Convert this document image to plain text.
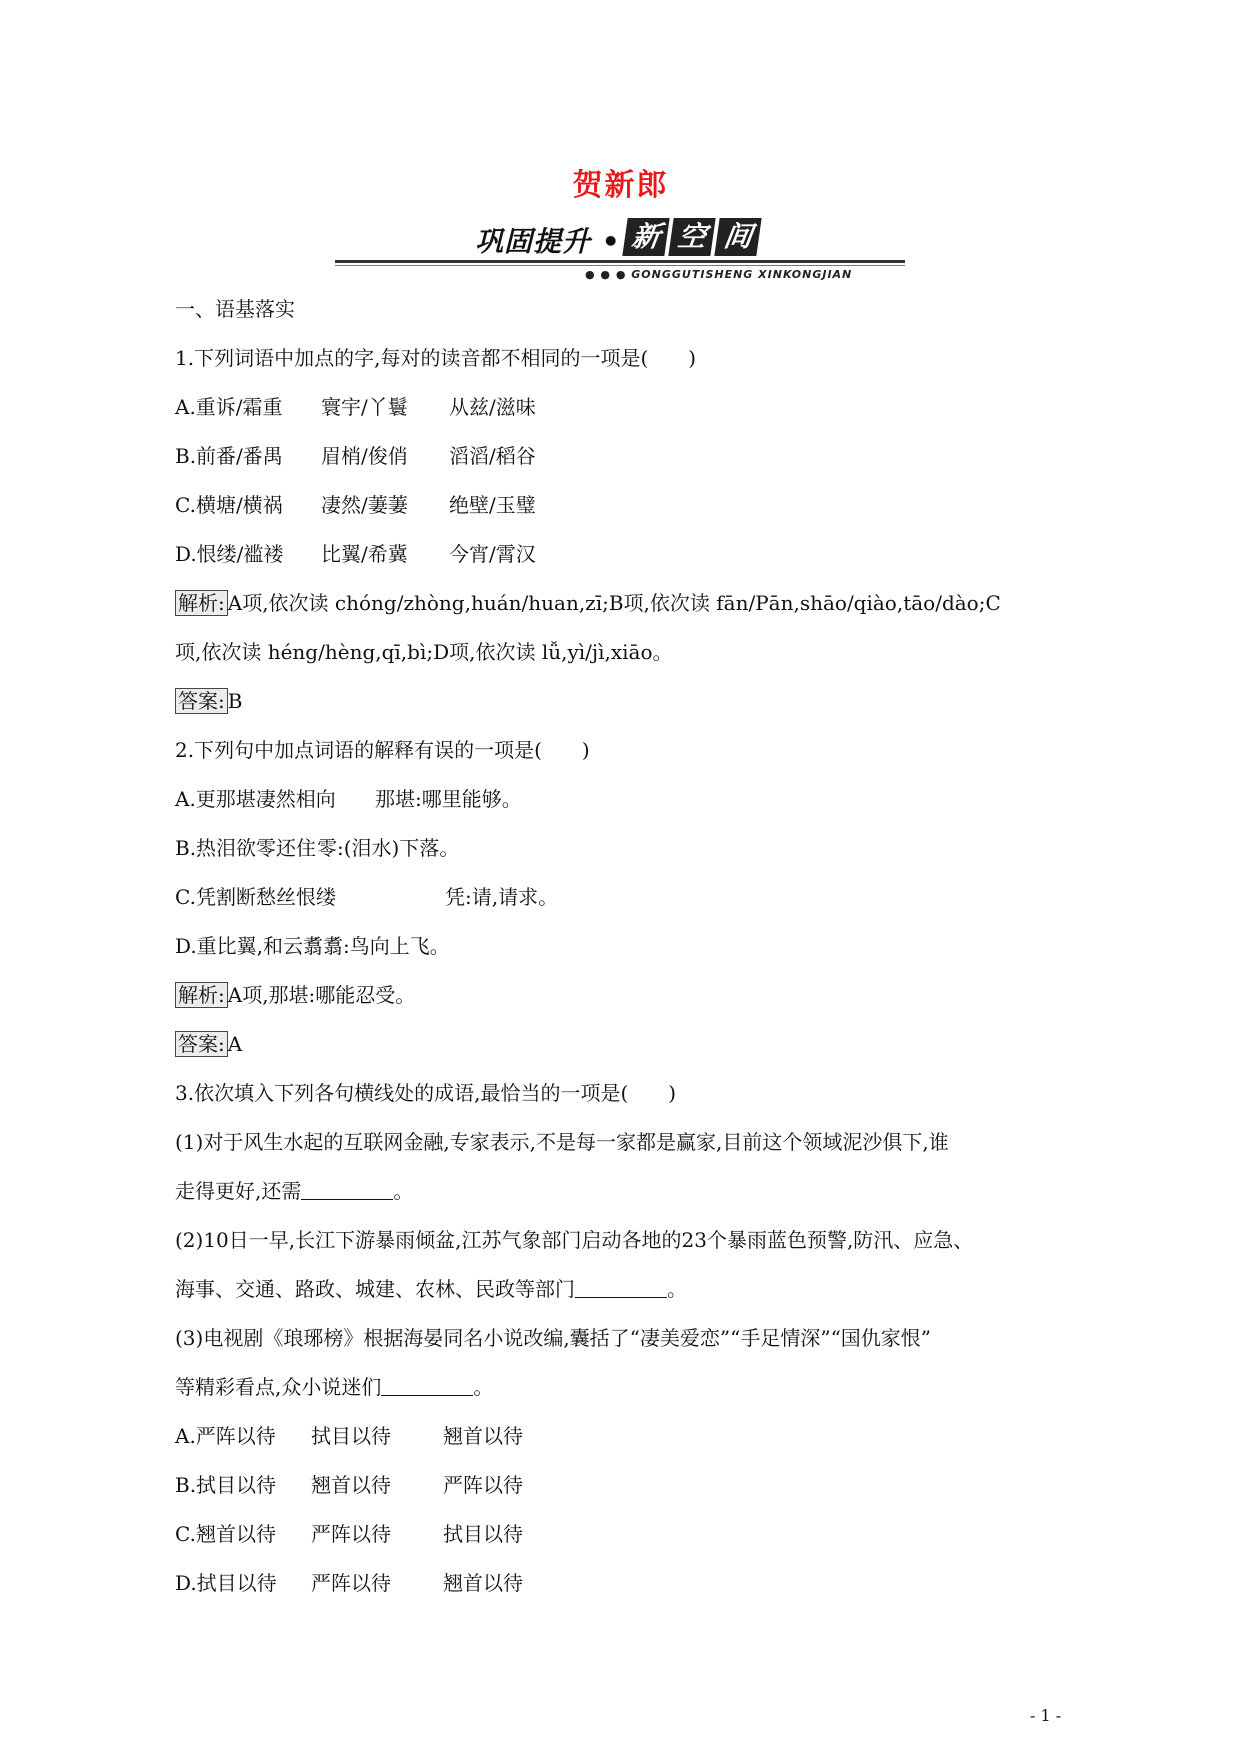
贺新郎
巩固提升 • 新 空 间
● ● ● GONGGUTISHENG XINKONGJIAN
一、语基落实
1.下列词语中加点的字,每对的读音都不相同的一项是(　　)
A.重诉/霜重 寰宇/丫鬟 从兹/滋味
B.前番/番禺 眉梢/俊俏 滔滔/稻谷
C.横塘/横祸 凄然/萋萋 绝壁/玉璧
D.恨缕/褴褛 比翼/希冀 今宵/霄汉
解析: A项,依次读 chóng/zhòng,huán/huan,zī;B项,依次读 fān/Pān,shāo/qiào,tāo/dào;C
项,依次读 héng/hèng,qī,bì;D项,依次读 lǚ,yì/jì,xiāo。
答案: B
2.下列句中加点词语的解释有误的一项是(　　)
A.更那堪凄然相向 那堪:哪里能够。
B.热泪欲零还住零:(泪水)下落。
C.凭割断愁丝恨缕	凭:请,请求。
D.重比翼,和云翥翥:鸟向上飞。
解析: A项,那堪:哪能忍受。
答案: A
3.依次填入下列各句横线处的成语,最恰当的一项是(　　)
(1)对于风生水起的互联网金融,专家表示,不是每一家都是赢家,目前这个领域泥沙俱下,谁
走得更好,还需	。
(2)10日一早,长江下游暴雨倾盆,江苏气象部门启动各地的23个暴雨蓝色预警,防汛、应急、
海事、交通、路政、城建、农林、民政等部门	。
(3)电视剧《琅琊榜》根据海晏同名小说改编,囊括了“凄美爱恋”“手足情深”“国仇家恨”
等精彩看点,众小说迷们	。
A.严阵以待 拭目以待	翘首以待
B.拭目以待 翘首以待	严阵以待
C.翘首以待 严阵以待	拭目以待
D.拭目以待 严阵以待	翘首以待
- 1 -
